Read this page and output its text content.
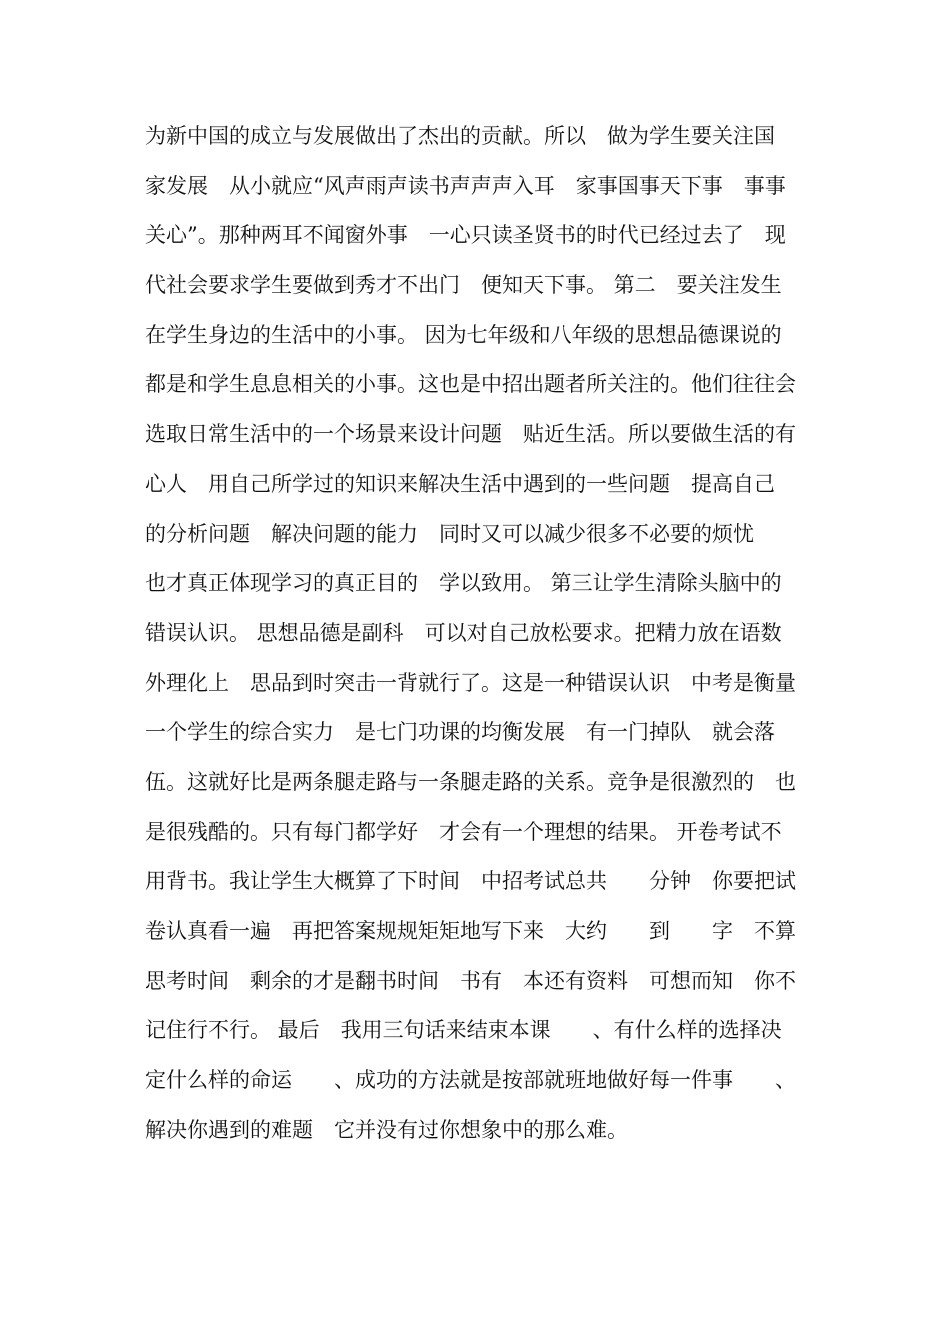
为新中国的成立与发展做出了杰出的贡献。所以　做为学生要关注国
家发展　从小就应“风声雨声读书声声声入耳　家事国事天下事　事事
关心”。那种两耳不闻窗外事　一心只读圣贤书的时代已经过去了　现
代社会要求学生要做到秀才不出门　便知天下事。 第二　要关注发生
在学生身边的生活中的小事。 因为七年级和八年级的思想品德课说的
都是和学生息息相关的小事。这也是中招出题者所关注的。他们往往会
选取日常生活中的一个场景来设计问题　贴近生活。所以要做生活的有
心人　用自己所学过的知识来解决生活中遇到的一些问题　提高自己
的分析问题　解决问题的能力　同时又可以减少很多不必要的烦忧
也才真正体现学习的真正目的　学以致用。 第三让学生清除头脑中的
错误认识。 思想品德是副科　可以对自己放松要求。把精力放在语数
外理化上　思品到时突击一背就行了。这是一种错误认识　中考是衡量
一个学生的综合实力　是七门功课的均衡发展　有一门掉队　就会落
伍。这就好比是两条腿走路与一条腿走路的关系。竞争是很激烈的　也
是很残酷的。只有每门都学好　才会有一个理想的结果。 开卷考试不
用背书。我让学生大概算了下时间　中招考试总共　　分钟　你要把试
卷认真看一遍　再把答案规规矩矩地写下来　大约　　到　　字　不算
思考时间　剩余的才是翻书时间　书有　本还有资料　可想而知　你不
记住行不行。 最后　我用三句话来结束本课　　、有什么样的选择决
定什么样的命运　　、成功的方法就是按部就班地做好每一件事　　、
解决你遇到的难题　它并没有过你想象中的那么难。
